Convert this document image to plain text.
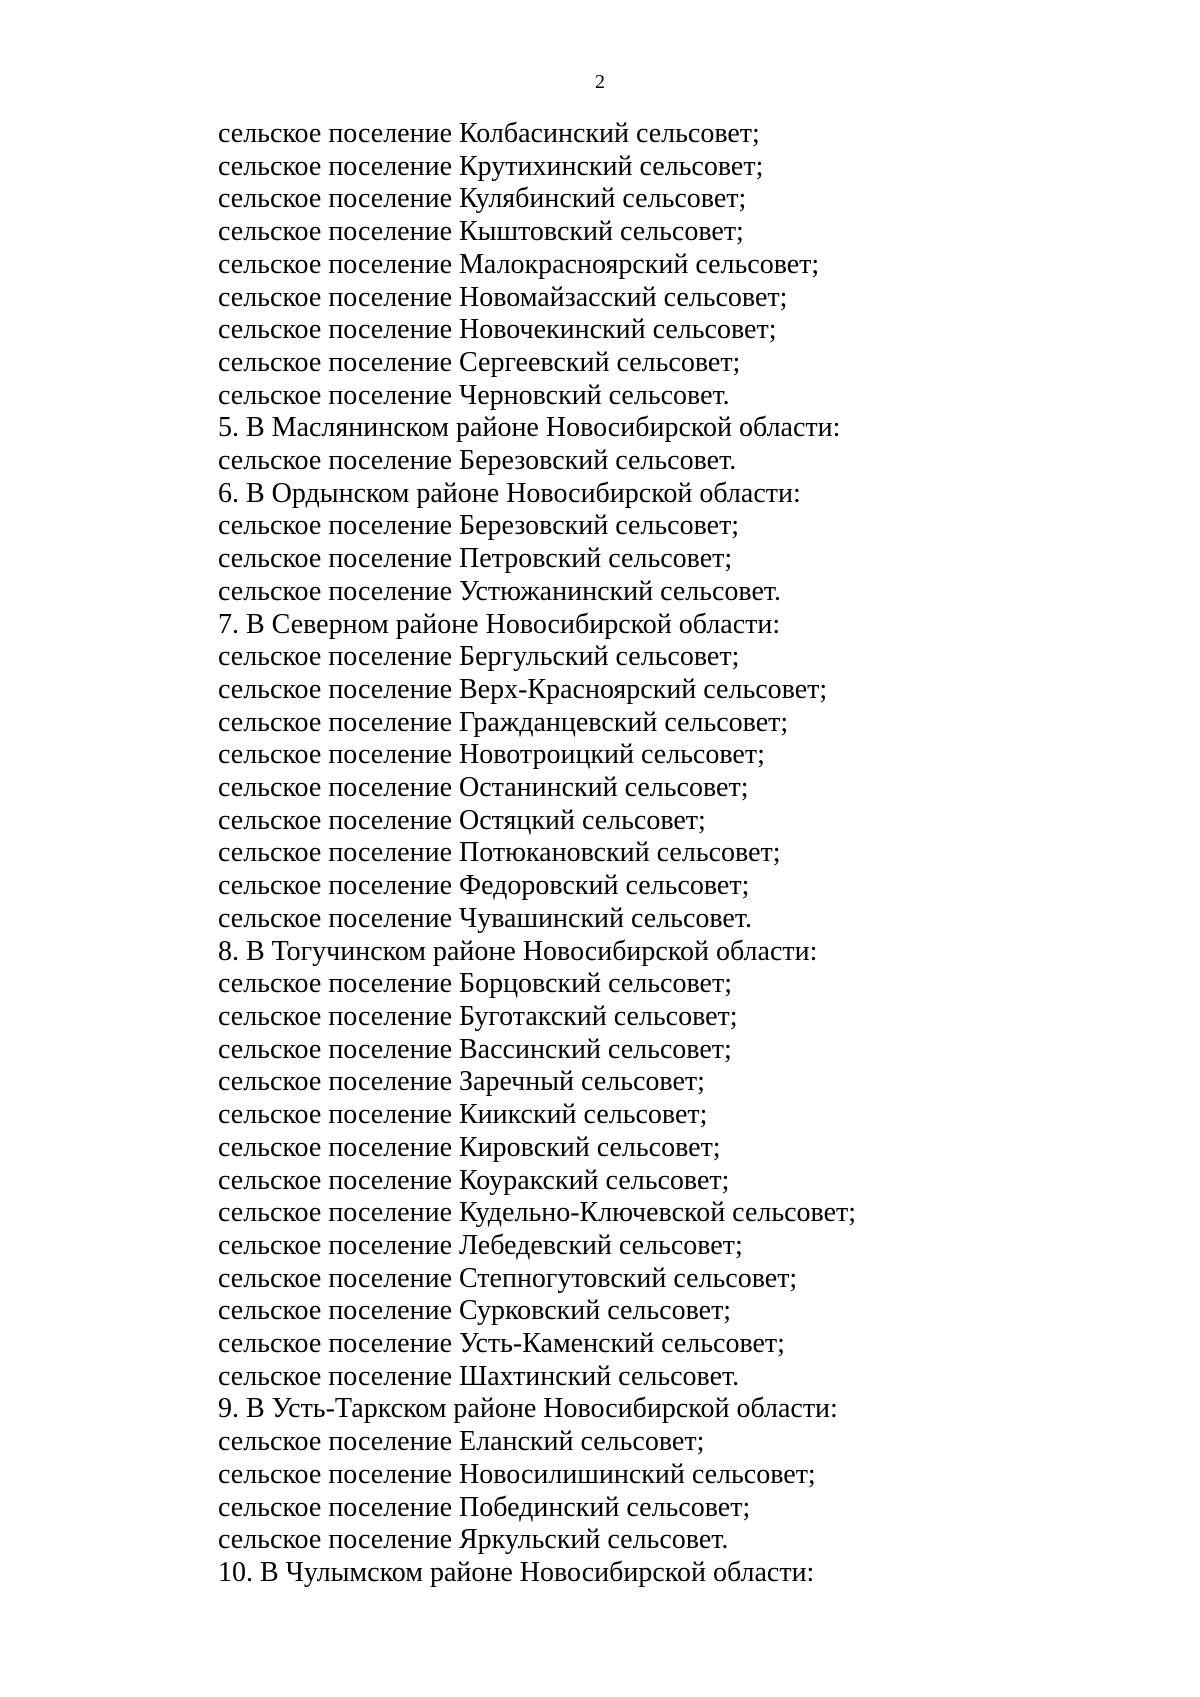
2
сельское поселение Колбасинский сельсовет;
сельское поселение Крутихинский сельсовет;
сельское поселение Кулябинский сельсовет;
сельское поселение Кыштовский сельсовет;
сельское поселение Малокрасноярский сельсовет;
сельское поселение Новомайзасский сельсовет;
сельское поселение Новочекинский сельсовет;
сельское поселение Сергеевский сельсовет;
сельское поселение Черновский сельсовет.
5. В Маслянинском районе Новосибирской области:
сельское поселение Березовский сельсовет.
6. В Ордынском районе Новосибирской области:
сельское поселение Березовский сельсовет;
сельское поселение Петровский сельсовет;
сельское поселение Устюжанинский сельсовет.
7. В Северном районе Новосибирской области:
сельское поселение Бергульский сельсовет;
сельское поселение Верх-Красноярский сельсовет;
сельское поселение Гражданцевский сельсовет;
сельское поселение Новотроицкий сельсовет;
сельское поселение Останинский сельсовет;
сельское поселение Остяцкий сельсовет;
сельское поселение Потюкановский сельсовет;
сельское поселение Федоровский сельсовет;
сельское поселение Чувашинский сельсовет.
8. В Тогучинском районе Новосибирской области:
сельское поселение Борцовский сельсовет;
сельское поселение Буготакский сельсовет;
сельское поселение Вассинский сельсовет;
сельское поселение Заречный сельсовет;
сельское поселение Киикский сельсовет;
сельское поселение Кировский сельсовет;
сельское поселение Коуракский сельсовет;
сельское поселение Кудельно-Ключевской сельсовет;
сельское поселение Лебедевский сельсовет;
сельское поселение Степногутовский сельсовет;
сельское поселение Сурковский сельсовет;
сельское поселение Усть-Каменский сельсовет;
сельское поселение Шахтинский сельсовет.
9. В Усть-Таркском районе Новосибирской области:
сельское поселение Еланский сельсовет;
сельское поселение Новосилишинский сельсовет;
сельское поселение Побединский сельсовет;
сельское поселение Яркульский сельсовет.
10. В Чулымском районе Новосибирской области:
